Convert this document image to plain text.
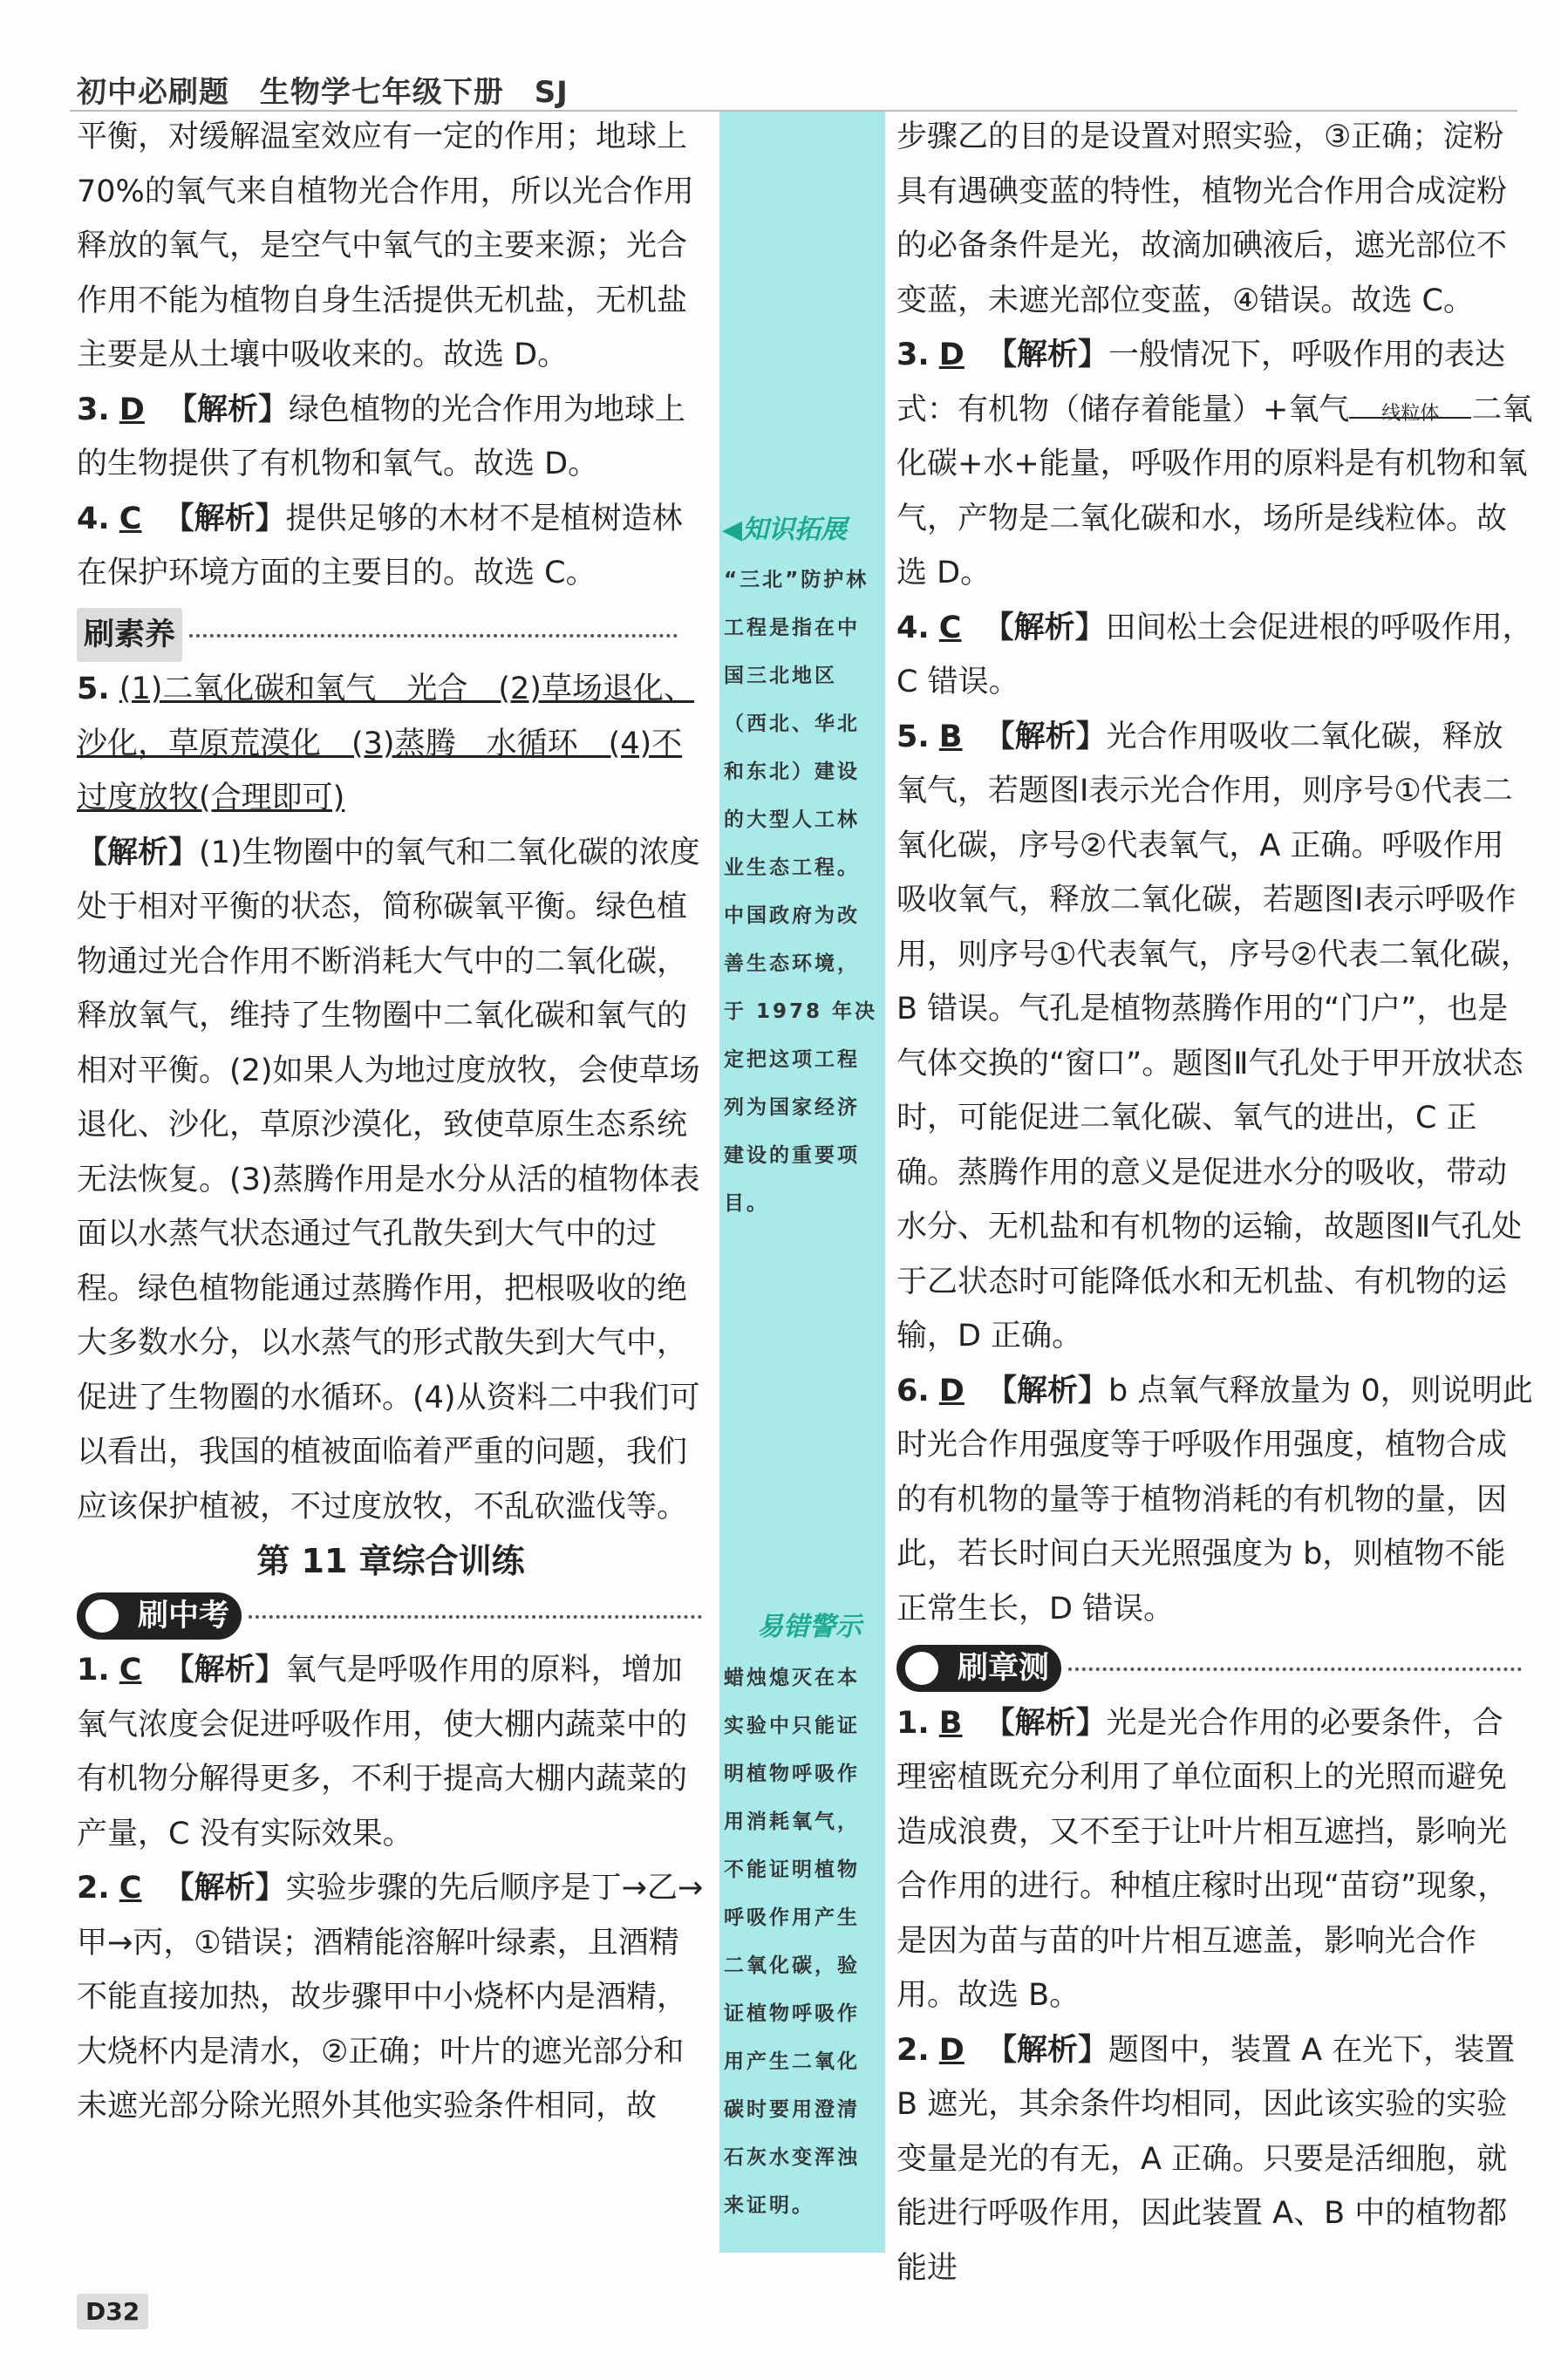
初中必刷题 生物学七年级下册 SJ

平衡，对缓解温室效应有一定的作用；地球上70%的氧气来自植物光合作用，所以光合作用释放的氧气，是空气中氧气的主要来源；光合作用不能为植物自身生活提供无机盐，无机盐主要是从土壤中吸收来的。故选 D。

3. D 【解析】绿色植物的光合作用为地球上的生物提供了有机物和氧气。故选 D。

4. C 【解析】提供足够的木材不是植树造林在保护环境方面的主要目的。故选 C。

刷素养

5. (1)二氧化碳和氧气　光合　(2)草场退化、沙化，草原荒漠化　(3)蒸腾　水循环　(4)不过度放牧(合理即可)

【解析】(1)生物圈中的氧气和二氧化碳的浓度处于相对平衡的状态，简称碳氧平衡。绿色植物通过光合作用不断消耗大气中的二氧化碳，释放氧气，维持了生物圈中二氧化碳和氧气的相对平衡。(2)如果人为地过度放牧，会使草场退化、沙化，草原沙漠化，致使草原生态系统无法恢复。(3)蒸腾作用是水分从活的植物体表面以水蒸气状态通过气孔散失到大气中的过程。绿色植物能通过蒸腾作用，把根吸收的绝大多数水分，以水蒸气的形式散失到大气中，促进了生物圈的水循环。(4)从资料二中我们可以看出，我国的植被面临着严重的问题，我们应该保护植被，不过度放牧，不乱砍滥伐等。

第 11 章综合训练

刷中考

1. C 【解析】氧气是呼吸作用的原料，增加氧气浓度会促进呼吸作用，使大棚内蔬菜中的有机物分解得更多，不利于提高大棚内蔬菜的产量，C 没有实际效果。

2. C 【解析】实验步骤的先后顺序是丁→乙→甲→丙，①错误；酒精能溶解叶绿素，且酒精不能直接加热，故步骤甲中小烧杯内是酒精，大烧杯内是清水，②正确；叶片的遮光部分和未遮光部分除光照外其他实验条件相同，故

◀知识拓展
“三北”防护林工程是指在中国三北地区（西北、华北和东北）建设的大型人工林业生态工程。中国政府为改善生态环境，于 1978 年决定把这项工程列为国家经济建设的重要项目。
易错警示
蜡烛熄灭在本实验中只能证明植物呼吸作用消耗氧气，不能证明植物呼吸作用产生二氧化碳，验证植物呼吸作用产生二氧化碳时要用澄清石灰水变浑浊来证明。

步骤乙的目的是设置对照实验，③正确；淀粉具有遇碘变蓝的特性，植物光合作用合成淀粉的必备条件是光，故滴加碘液后，遮光部位不变蓝，未遮光部位变蓝，④错误。故选 C。

3. D 【解析】一般情况下，呼吸作用的表达式：有机物（储存着能量）+氧气	线粒体	二氧化碳+水+能量，呼吸作用的原料是有机物和氧气，产物是二氧化碳和水，场所是线粒体。故选 D。

4. C 【解析】田间松土会促进根的呼吸作用，C 错误。

5. B 【解析】光合作用吸收二氧化碳，释放氧气，若题图Ⅰ表示光合作用，则序号①代表二氧化碳，序号②代表氧气，A 正确。呼吸作用吸收氧气，释放二氧化碳，若题图Ⅰ表示呼吸作用，则序号①代表氧气，序号②代表二氧化碳，B 错误。气孔是植物蒸腾作用的“门户”，也是气体交换的“窗口”。题图Ⅱ气孔处于甲开放状态时，可能促进二氧化碳、氧气的进出，C 正确。蒸腾作用的意义是促进水分的吸收，带动水分、无机盐和有机物的运输，故题图Ⅱ气孔处于乙状态时可能降低水和无机盐、有机物的运输，D 正确。

6. D 【解析】b 点氧气释放量为 0，则说明此时光合作用强度等于呼吸作用强度，植物合成的有机物的量等于植物消耗的有机物的量，因此，若长时间白天光照强度为 b，则植物不能正常生长，D 错误。

刷章测

1. B 【解析】光是光合作用的必要条件，合理密植既充分利用了单位面积上的光照而避免造成浪费，又不至于让叶片相互遮挡，影响光合作用的进行。种植庄稼时出现“苗窃”现象，是因为苗与苗的叶片相互遮盖，影响光合作用。故选 B。

2. D 【解析】题图中，装置 A 在光下，装置 B 遮光，其余条件均相同，因此该实验的实验变量是光的有无，A 正确。只要是活细胞，就能进行呼吸作用，因此装置 A、B 中的植物都能进

D32
